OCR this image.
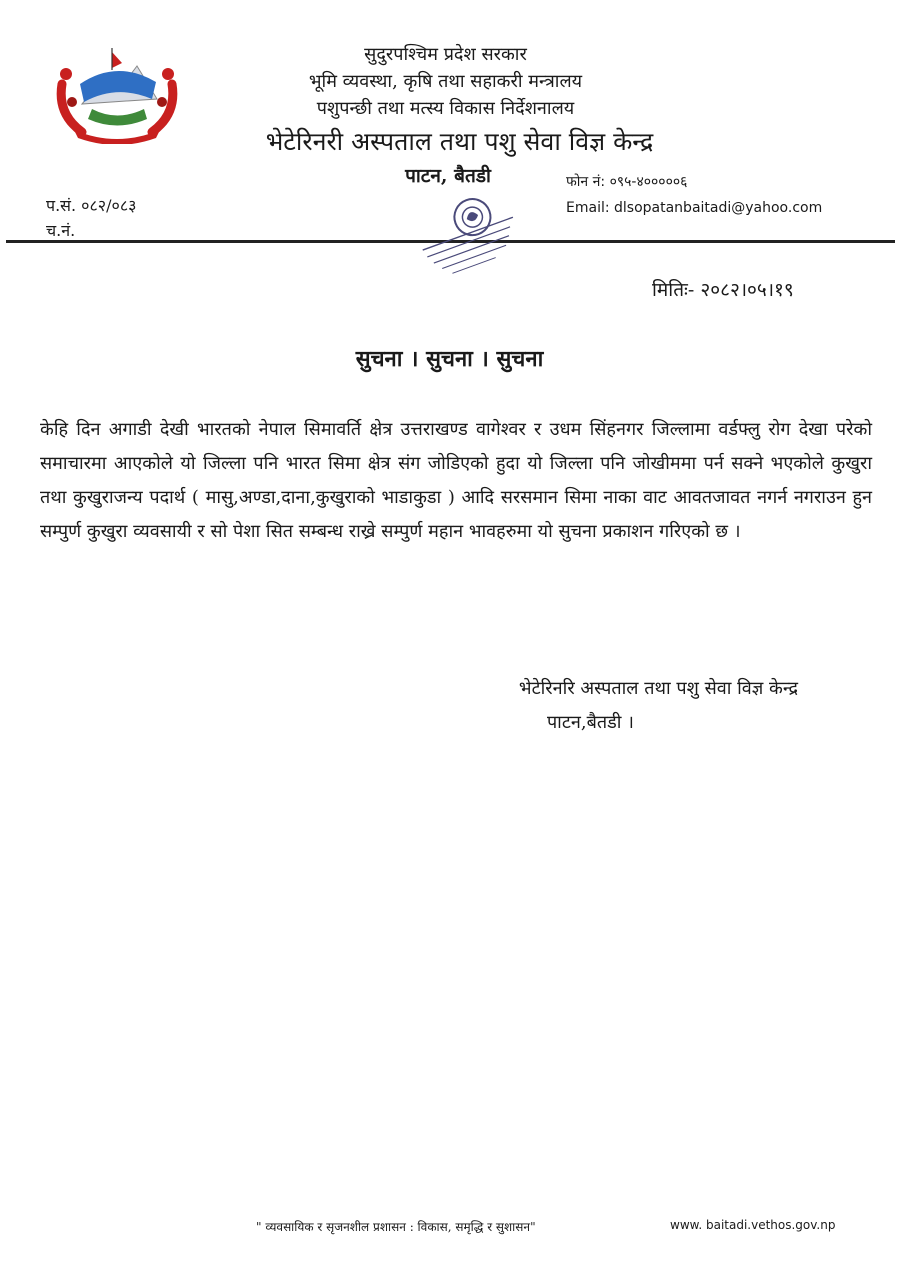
सुदुरपश्चिम प्रदेश सरकार
भूमि व्यवस्था, कृषि तथा सहाकरी मन्त्रालय
पशुपन्छी तथा मत्स्य विकास निर्देशनालय
भेटेरिनरी अस्पताल तथा पशु सेवा विज्ञ केन्द्र
पाटन, बैतडी	फोन नं: ०९५-४०००००६
Email: dlsopatanbaitadi@yahoo.com
प.सं. ०८२/०८३
च.नं.
मितिः- २०८२।०५।१९
सुचना । सुचना । सुचना
केहि दिन अगाडी देखी भारतको नेपाल सिमावर्ति क्षेत्र उत्तराखण्ड वागेश्वर र उधम सिंहनगर जिल्लामा वर्डफ्लु रोग देखा परेको समाचारमा आएकोले यो जिल्ला पनि भारत सिमा क्षेत्र संग जोडिएको हुदा यो जिल्ला पनि जोखीममा पर्न सक्ने भएकोले कुखुरा तथा कुखुराजन्य पदार्थ ( मासु,अण्डा,दाना,कुखुराको भाडाकुडा ) आदि सरसमान सिमा नाका वाट आवतजावत नगर्न नगराउन हुन सम्पुर्ण कुखुरा व्यवसायी र सो पेशा सित सम्बन्ध राख्रे सम्पुर्ण महान भावहरुमा यो सुचना प्रकाशन गरिएको छ ।
भेटेरिनरि अस्पताल तथा पशु सेवा विज्ञ केन्द्र
पाटन,बैतडी ।
" व्यवसायिक र सृजनशील प्रशासन : विकास, समृद्धि र सुशासन"	www. baitadi.vethos.gov.np
